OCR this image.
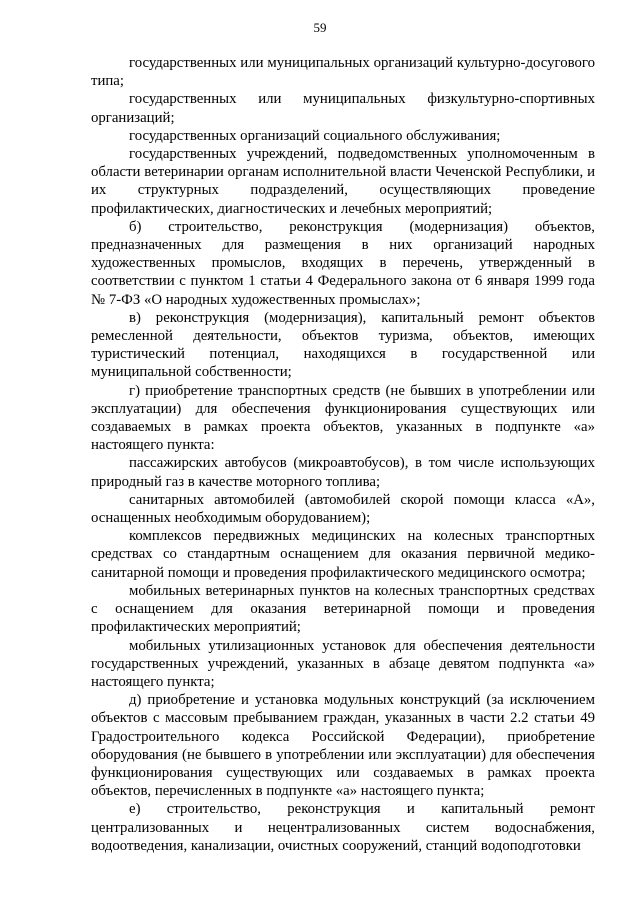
59

государственных или муниципальных организаций культурно-досугового типа;

государственных или муниципальных физкультурно-спортивных организаций;

государственных организаций социального обслуживания;

государственных учреждений, подведомственных уполномоченным в области ветеринарии органам исполнительной власти Чеченской Республики, и их структурных подразделений, осуществляющих проведение профилактических, диагностических и лечебных мероприятий;

б) строительство, реконструкция (модернизация) объектов, предназначенных для размещения в них организаций народных художественных промыслов, входящих в перечень, утвержденный в соответствии с пунктом 1 статьи 4 Федерального закона от 6 января 1999 года № 7-ФЗ «О народных художественных промыслах»;

в) реконструкция (модернизация), капитальный ремонт объектов ремесленной деятельности, объектов туризма, объектов, имеющих туристический потенциал, находящихся в государственной или муниципальной собственности;

г) приобретение транспортных средств (не бывших в употреблении или эксплуатации) для обеспечения функционирования существующих или создаваемых в рамках проекта объектов, указанных в подпункте «а» настоящего пункта:

пассажирских автобусов (микроавтобусов), в том числе использующих природный газ в качестве моторного топлива;

санитарных автомобилей (автомобилей скорой помощи класса «А», оснащенных необходимым оборудованием);

комплексов передвижных медицинских на колесных транспортных средствах со стандартным оснащением для оказания первичной медико-санитарной помощи и проведения профилактического медицинского осмотра;

мобильных ветеринарных пунктов на колесных транспортных средствах с оснащением для оказания ветеринарной помощи и проведения профилактических мероприятий;

мобильных утилизационных установок для обеспечения деятельности государственных учреждений, указанных в абзаце девятом подпункта «а» настоящего пункта;

д) приобретение и установка модульных конструкций (за исключением объектов с массовым пребыванием граждан, указанных в части 2.2 статьи 49 Градостроительного кодекса Российской Федерации), приобретение оборудования (не бывшего в употреблении или эксплуатации) для обеспечения функционирования существующих или создаваемых в рамках проекта объектов, перечисленных в подпункте «а» настоящего пункта;

е) строительство, реконструкция и капитальный ремонт централизованных и нецентрализованных систем водоснабжения, водоотведения, канализации, очистных сооружений, станций водоподготовки
